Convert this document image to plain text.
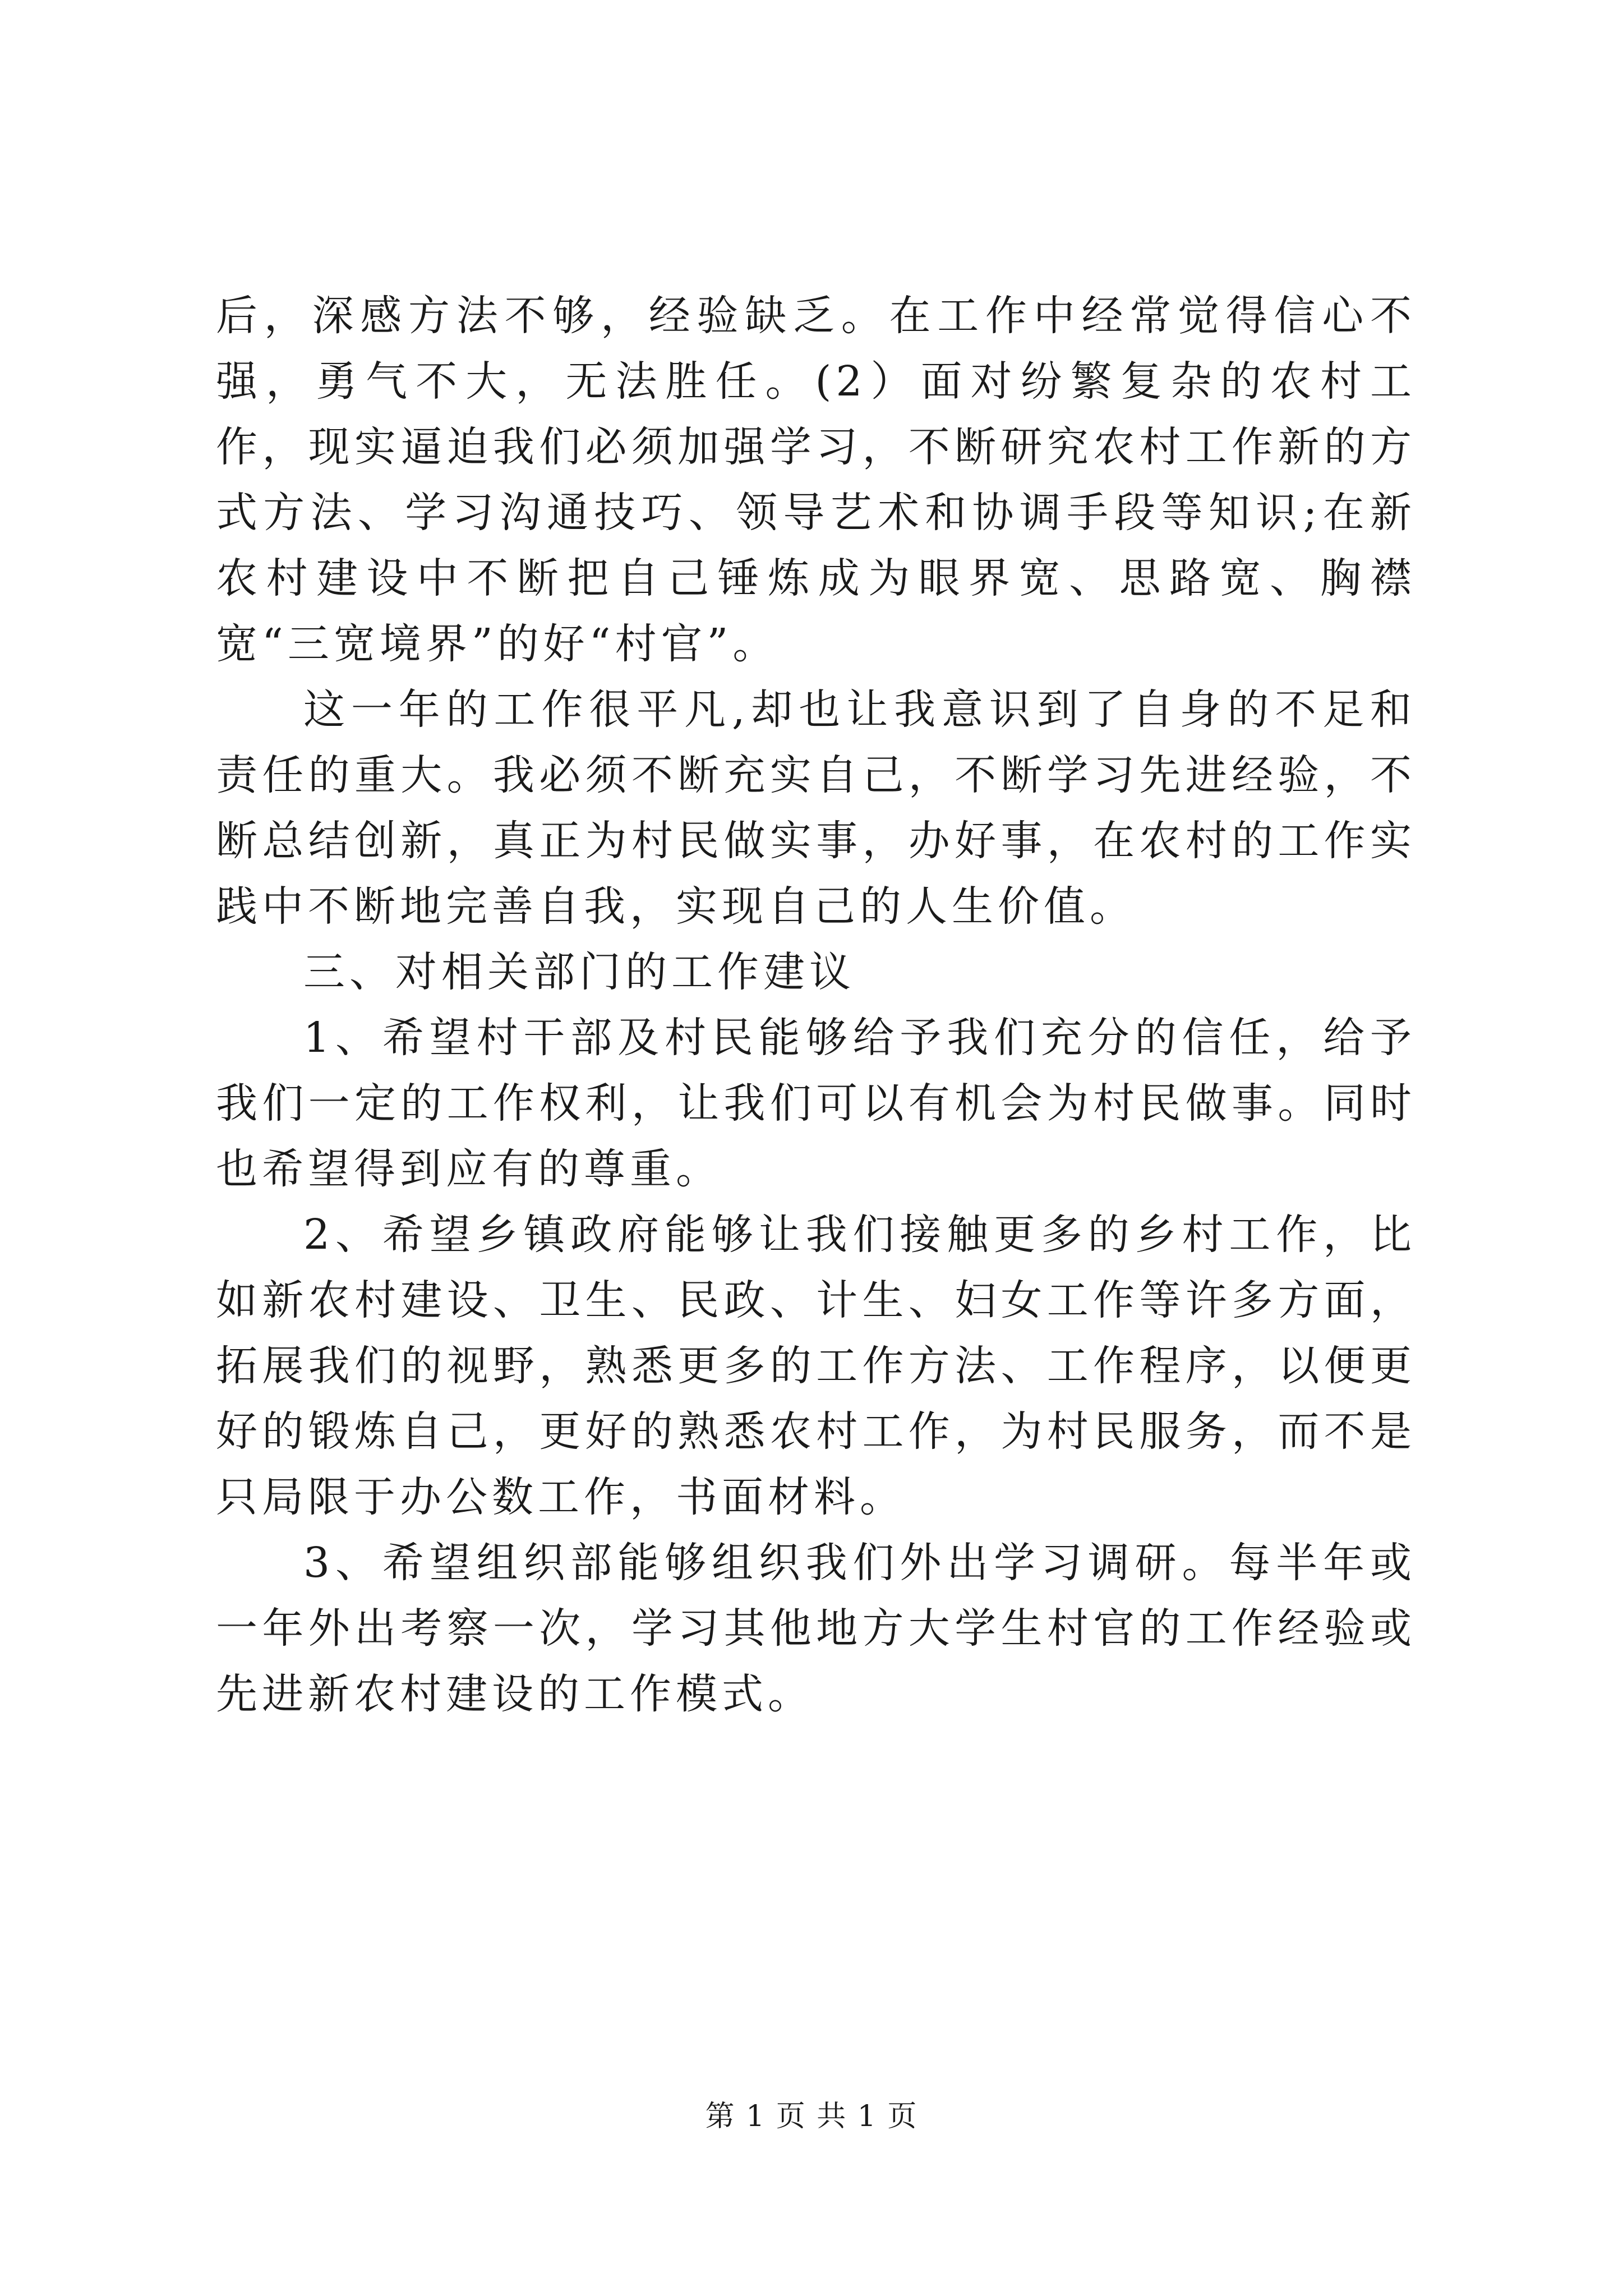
后，深感方法不够，经验缺乏。在工作中经常觉得信心不强，勇气不大，无法胜任。(2）面对纷繁复杂的农村工作，现实逼迫我们必须加强学习，不断研究农村工作新的方式方法、学习沟通技巧、领导艺术和协调手段等知识;在新农村建设中不断把自己锤炼成为眼界宽、思路宽、胸襟宽“三宽境界”的好“村官”。

这一年的工作很平凡,却也让我意识到了自身的不足和责任的重大。我必须不断充实自己，不断学习先进经验，不断总结创新，真正为村民做实事，办好事，在农村的工作实践中不断地完善自我，实现自己的人生价值。

三、对相关部门的工作建议

1、希望村干部及村民能够给予我们充分的信任，给予我们一定的工作权利，让我们可以有机会为村民做事。同时也希望得到应有的尊重。

2、希望乡镇政府能够让我们接触更多的乡村工作，比如新农村建设、卫生、民政、计生、妇女工作等许多方面，拓展我们的视野，熟悉更多的工作方法、工作程序，以便更好的锻炼自己，更好的熟悉农村工作，为村民服务，而不是只局限于办公数工作，书面材料。

3、希望组织部能够组织我们外出学习调研。每半年或一年外出考察一次，学习其他地方大学生村官的工作经验或先进新农村建设的工作模式。

第 1 页 共 1 页
